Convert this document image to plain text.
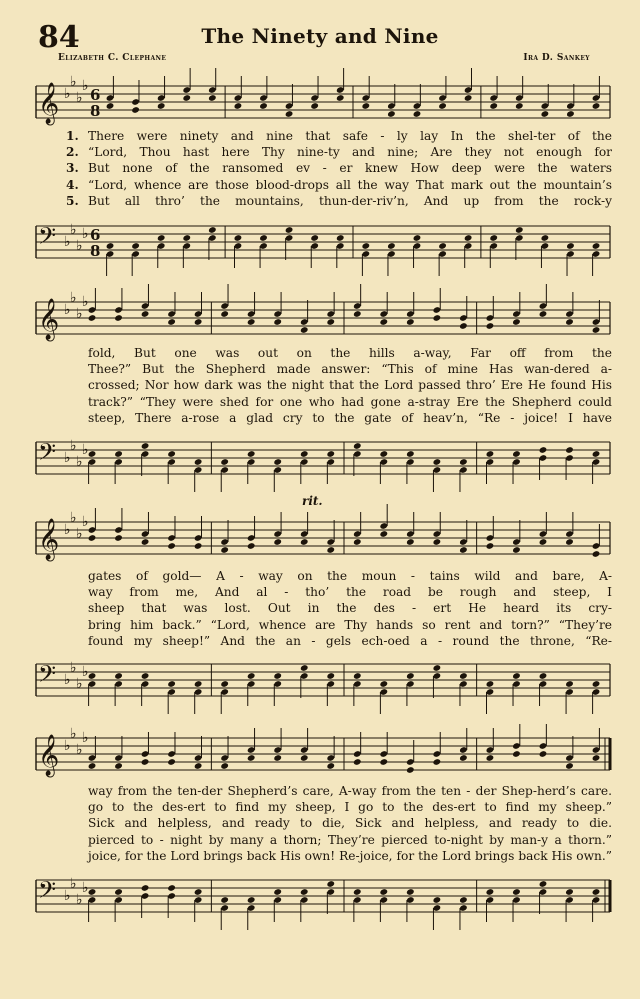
84	The Ninety and Nine
Elizabeth C. Clephane	Ira D. Sankey
rit.
𝄞 ♭
♭
♭
♭ 6
8
1. There were ninety and nine that safe - ly lay In the shel-ter of the
2. “Lord, Thou hast here Thy nine-ty and nine; Are they not enough for
3. But none of the ransomed ev - er knew How deep were the waters
4. “Lord, whence are those blood-drops all the way That mark out the mountain’s
5. But all thro’ the mountains, thun-der-riv’n, And up from the rock-y
𝄢 ♭
♭
♭
♭ 6
8
𝄞 ♭
♭
♭
♭
fold, But one was out on the hills a-way, Far off from the
Thee?” But the Shepherd made answer: “This of mine Has wan-dered a-
crossed; Nor how dark was the night that the Lord passed thro’ Ere He found His
track?” “They were shed for one who had gone a-stray Ere the Shepherd could
steep, There a-rose a glad cry to the gate of heav’n, “Re - joice! I have
𝄢 ♭
♭
♭
♭
𝄞 ♭
♭
♭
♭
gates of gold— A - way on the moun - tains wild and bare, A-
way from me, And al - tho’ the road be rough and steep, I
sheep that was lost. Out in the des - ert He heard its cry-
bring him back.” “Lord, whence are Thy hands so rent and torn?” “They’re
found my sheep!” And the an - gels ech-oed a - round the throne, “Re-
𝄢 ♭
♭
♭
♭
𝄞 ♭
♭
♭
♭
way from the ten-der Shepherd’s care, A-way from the ten - der Shep-herd’s care.
go to the des-ert to find my sheep, I go to the des-ert to find my sheep.”
Sick and helpless, and ready to die, Sick and helpless, and ready to die.
pierced to - night by many a thorn; They’re pierced to-night by man-y a thorn.”
joice, for the Lord brings back His own! Re-joice, for the Lord brings back His own.”
𝄢 ♭
♭
♭
♭
